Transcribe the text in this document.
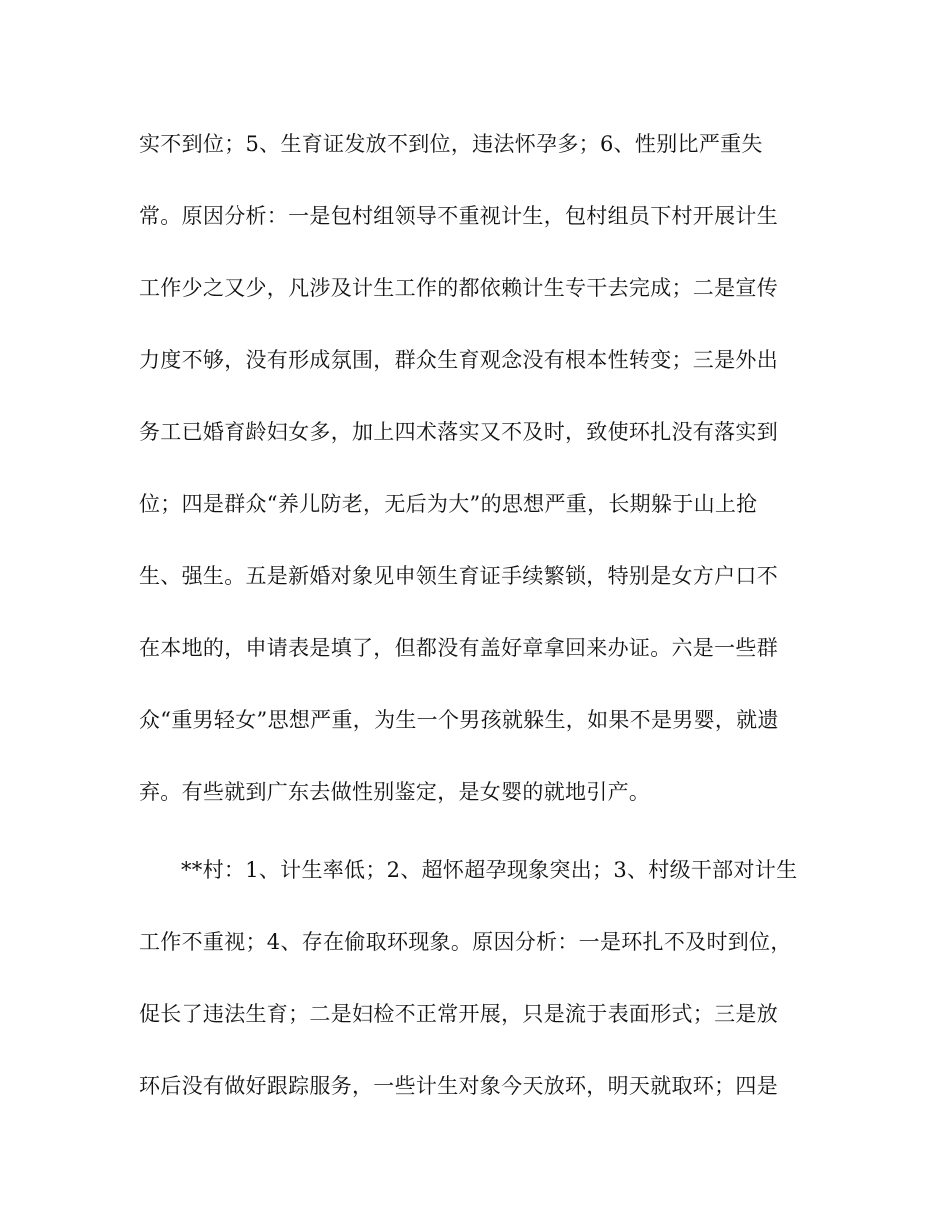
实不到位；5、生育证发放不到位，违法怀孕多；6、性别比严重失
常。原因分析：一是包村组领导不重视计生，包村组员下村开展计生
工作少之又少，凡涉及计生工作的都依赖计生专干去完成；二是宣传
力度不够，没有形成氛围，群众生育观念没有根本性转变；三是外出
务工已婚育龄妇女多，加上四术落实又不及时，致使环扎没有落实到
位；四是群众“养儿防老，无后为大”的思想严重，长期躲于山上抢
生、强生。五是新婚对象见申领生育证手续繁锁，特别是女方户口不
在本地的，申请表是填了，但都没有盖好章拿回来办证。六是一些群
众“重男轻女”思想严重，为生一个男孩就躲生，如果不是男婴，就遗
弃。有些就到广东去做性别鉴定，是女婴的就地引产。
**村：1、计生率低；2、超怀超孕现象突出；3、村级干部对计生
工作不重视；4、存在偷取环现象。原因分析：一是环扎不及时到位，
促长了违法生育；二是妇检不正常开展，只是流于表面形式；三是放
环后没有做好跟踪服务，一些计生对象今天放环，明天就取环；四是
